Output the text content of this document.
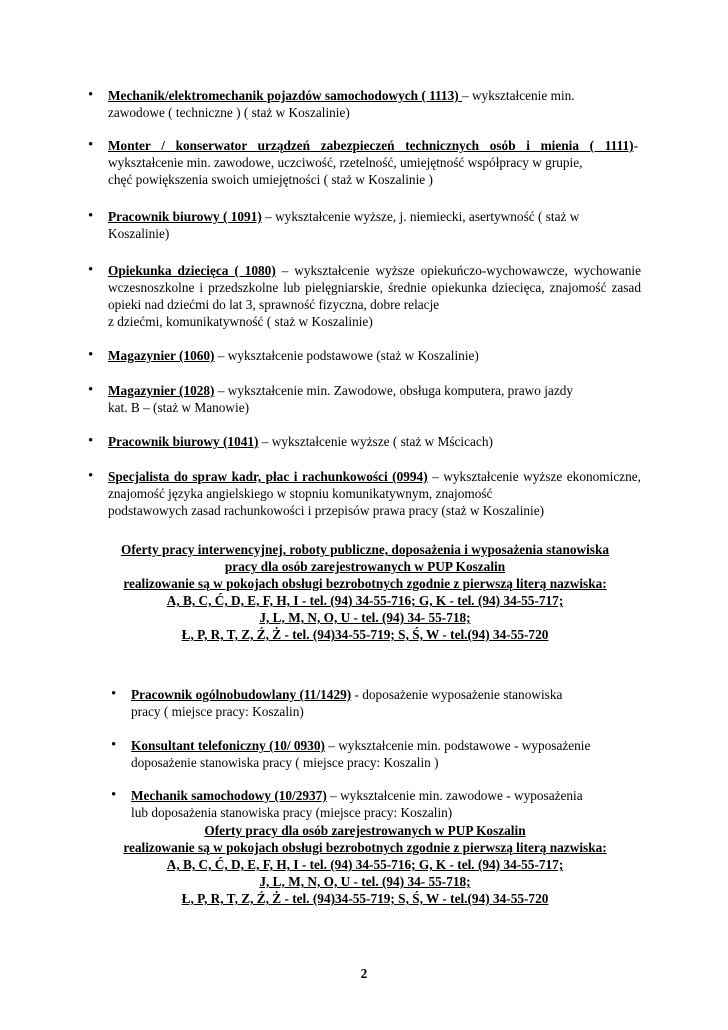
• Mechanik/elektromechanik pojazdów samochodowych ( 1113) – wykształcenie min.
zawodowe ( techniczne ) ( staż w Koszalinie)
• Monter / konserwator urządzeń zabezpieczeń technicznych osób i mienia ( 1111)- wykształcenie min. zawodowe, uczciwość, rzetelność, umiejętność współpracy w grupie,
chęć powiększenia swoich umiejętności ( staż w Koszalinie )
• Pracownik biurowy ( 1091) – wykształcenie wyższe, j. niemiecki, asertywność ( staż w
Koszalinie)
• Opiekunka dziecięca ( 1080) – wykształcenie wyższe opiekuńczo-wychowawcze, wychowanie wczesnoszkolne i przedszkolne lub pielęgniarskie, średnie opiekunka dziecięca, znajomość zasad opieki nad dziećmi do lat 3, sprawność fizyczna, dobre relacje
z dziećmi, komunikatywność ( staż w Koszalinie)
• Magazynier (1060) – wykształcenie podstawowe (staż w Koszalinie)
• Magazynier (1028) – wykształcenie min. Zawodowe, obsługa komputera, prawo jazdy
kat. B – (staż w Manowie)
• Pracownik biurowy (1041) – wykształcenie wyższe ( staż w Mścicach)
• Specjalista do spraw kadr, płac i rachunkowości (0994) – wykształcenie wyższe ekonomiczne, znajomość języka angielskiego w stopniu komunikatywnym, znajomość
podstawowych zasad rachunkowości i przepisów prawa pracy (staż w Koszalinie)
Oferty pracy interwencyjnej, roboty publiczne, doposażenia i wyposażenia stanowiska
pracy dla osób zarejestrowanych w PUP Koszalin
realizowanie są w pokojach obsługi bezrobotnych zgodnie z pierwszą literą nazwiska:
A, B, C, Ć, D, E, F, H, I - tel. (94) 34-55-716; G, K - tel. (94) 34-55-717;
J, L, M, N, O, U - tel. (94) 34- 55-718;
Ł, P, R, T, Z, Ź, Ż - tel. (94)34-55-719; S, Ś, W - tel.(94) 34-55-720
• Pracownik ogólnobudowlany (11/1429) - doposażenie wyposażenie stanowiska
pracy ( miejsce pracy: Koszalin)
• Konsultant telefoniczny (10/ 0930) – wykształcenie min. podstawowe - wyposażenie
doposażenie stanowiska pracy ( miejsce pracy: Koszalin )
• Mechanik samochodowy (10/2937) – wykształcenie min. zawodowe - wyposażenia
lub doposażenia stanowiska pracy (miejsce pracy: Koszalin)
Oferty pracy dla osób zarejestrowanych w PUP Koszalin
realizowanie są w pokojach obsługi bezrobotnych zgodnie z pierwszą literą nazwiska:
A, B, C, Ć, D, E, F, H, I - tel. (94) 34-55-716; G, K - tel. (94) 34-55-717;
J, L, M, N, O, U - tel. (94) 34- 55-718;
Ł, P, R, T, Z, Ź, Ż - tel. (94)34-55-719; S, Ś, W - tel.(94) 34-55-720
2
